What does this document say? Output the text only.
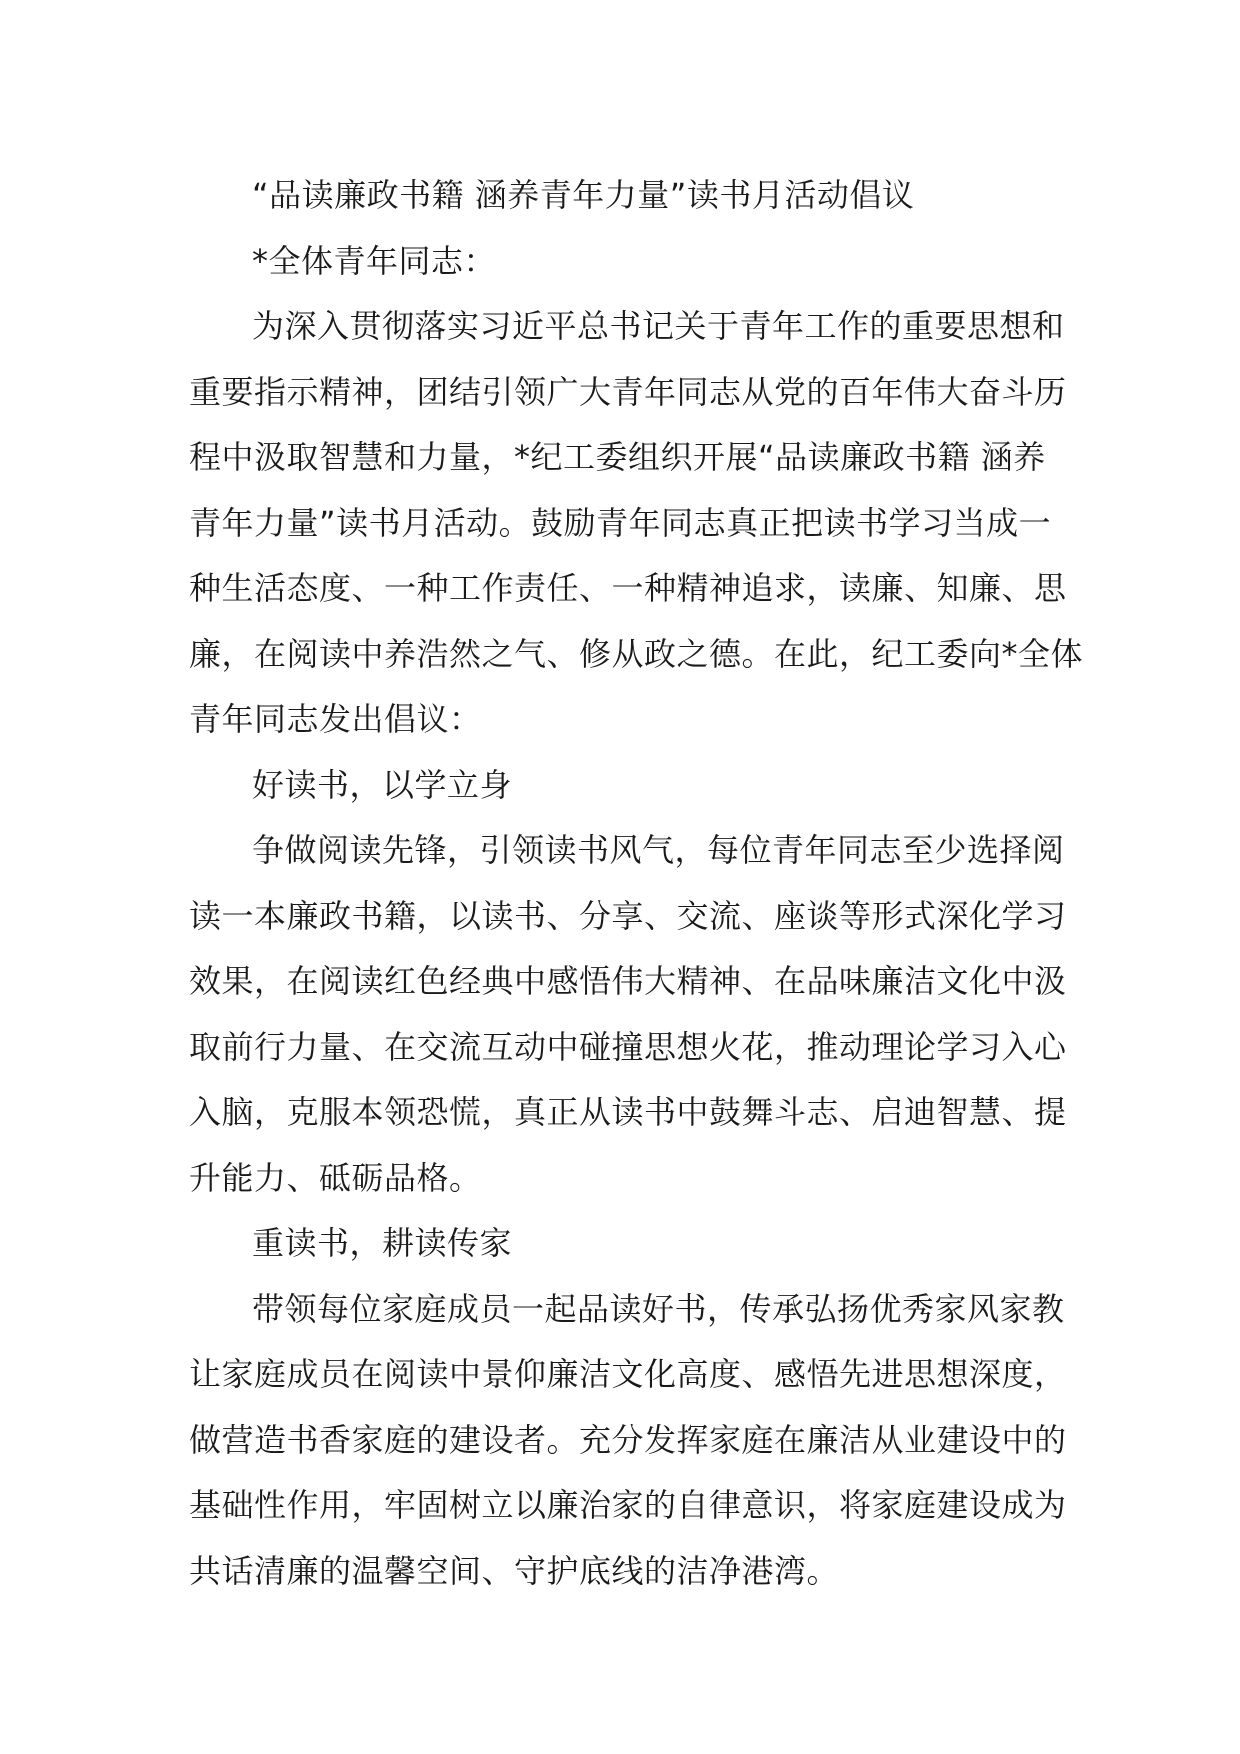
“品读廉政书籍 涵养青年力量”读书月活动倡议
*全体青年同志：
为深入贯彻落实习近平总书记关于青年工作的重要思想和
重要指示精神，团结引领广大青年同志从党的百年伟大奋斗历
程中汲取智慧和力量，*纪工委组织开展“品读廉政书籍 涵养
青年力量”读书月活动。鼓励青年同志真正把读书学习当成一
种生活态度、一种工作责任、一种精神追求，读廉、知廉、思
廉，在阅读中养浩然之气、修从政之德。在此，纪工委向*全体
青年同志发出倡议：
好读书，以学立身
争做阅读先锋，引领读书风气，每位青年同志至少选择阅
读一本廉政书籍，以读书、分享、交流、座谈等形式深化学习
效果，在阅读红色经典中感悟伟大精神、在品味廉洁文化中汲
取前行力量、在交流互动中碰撞思想火花，推动理论学习入心
入脑，克服本领恐慌，真正从读书中鼓舞斗志、启迪智慧、提
升能力、砥砺品格。
重读书，耕读传家
带领每位家庭成员一起品读好书，传承弘扬优秀家风家教
让家庭成员在阅读中景仰廉洁文化高度、感悟先进思想深度，
做营造书香家庭的建设者。充分发挥家庭在廉洁从业建设中的
基础性作用，牢固树立以廉治家的自律意识，将家庭建设成为
共话清廉的温馨空间、守护底线的洁净港湾。
